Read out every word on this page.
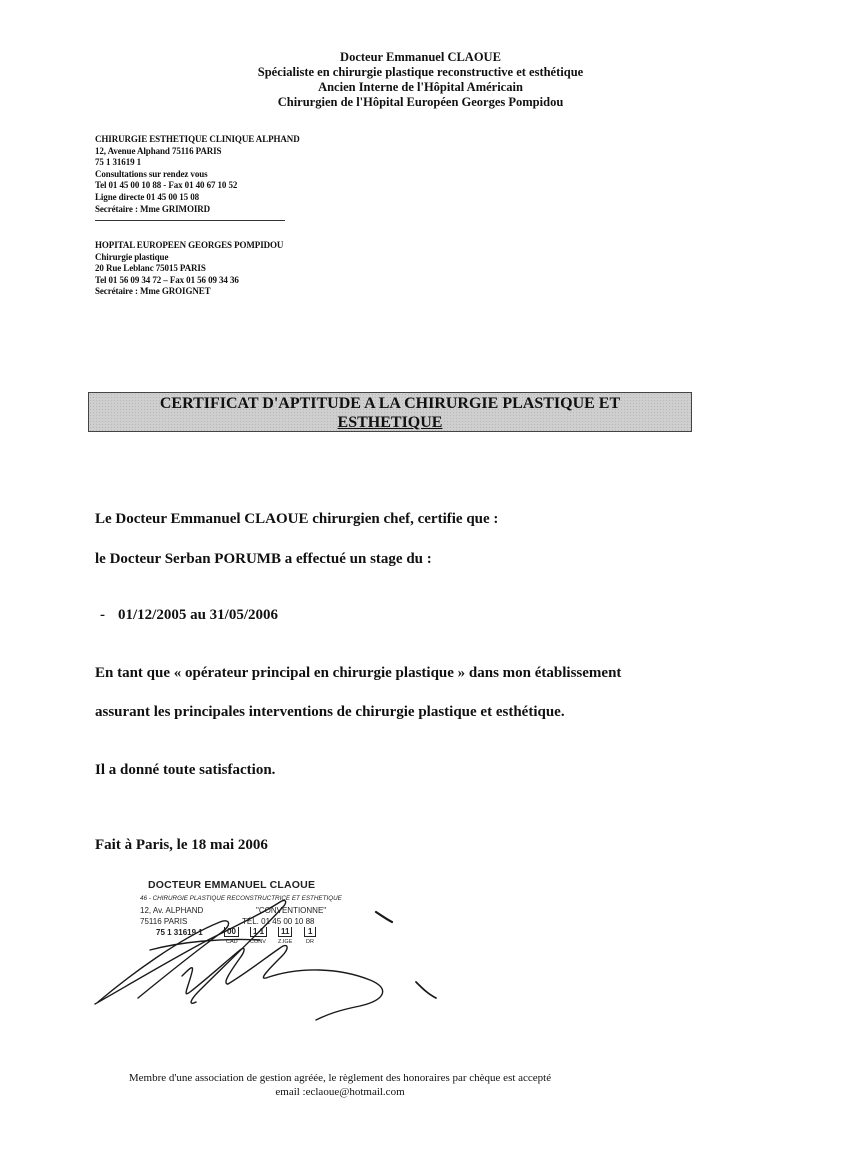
Docteur Emmanuel CLAOUE
Spécialiste en chirurgie plastique reconstructive et esthétique
Ancien Interne de l'Hôpital Américain
Chirurgien de l'Hôpital Européen Georges Pompidou
CHIRURGIE ESTHETIQUE CLINIQUE ALPHAND
12, Avenue Alphand 75116 PARIS
75 1 31619 1
Consultations sur rendez vous
Tel 01 45 00 10 88 - Fax 01 40 67 10 52
Ligne directe 01 45 00 15 08
Secrétaire : Mme GRIMOIRD
HOPITAL EUROPEEN GEORGES POMPIDOU
Chirurgie plastique
20 Rue Leblanc 75015 PARIS
Tel 01 56 09 34 72 – Fax 01 56 09 34 36
Secrétaire : Mme GROIGNET
CERTIFICAT D'APTITUDE A LA CHIRURGIE PLASTIQUE ET
ESTHETIQUE
Le Docteur Emmanuel CLAOUE chirurgien chef, certifie que :
le Docteur Serban PORUMB a effectué un stage du :
- 01/12/2005 au 31/05/2006
En tant que « opérateur principal en chirurgie plastique » dans mon établissement
assurant les principales interventions de chirurgie plastique et esthétique.
Il a donné toute satisfaction.
Fait à Paris, le 18 mai 2006
DOCTEUR EMMANUEL CLAOUE
46 - CHIRURGIE PLASTIQUE RECONSTRUCTRICE ET ESTHETIQUE
12, Av. ALPHAND	"CONVENTIONNE"
75116 PARIS	TÉL. 01 45 00 10 88
75 1 31619 1	00	1 1	11	1
CAD CONV Z.IGE DR
Membre d'une association de gestion agréée, le règlement des honoraires par chèque est accepté
email :eclaoue@hotmail.com
